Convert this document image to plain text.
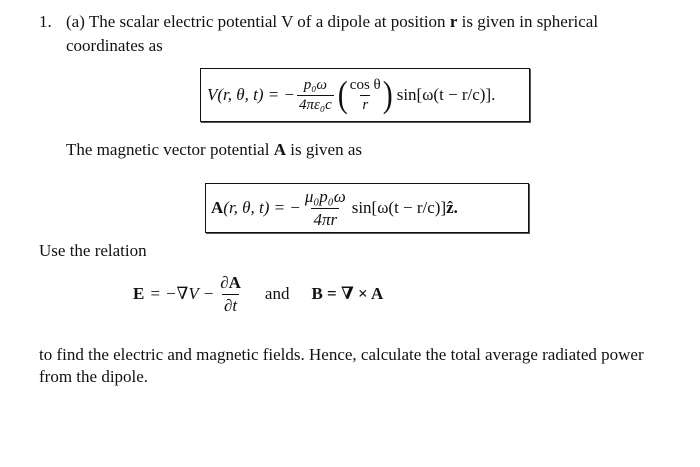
1. (a) The scalar electric potential V of a dipole at position r is given in spherical
coordinates as
V(r, θ, t) = − $\frac{\text{p₀ω}}{\text{4πε₀c}}$ ( $\frac{\text{cos θ}}{r}$ ) sin[ω(t − r/c)].
The magnetic vector potential A is given as
A (r, θ, t) = − $\frac{\text{μ₀p₀ω}}{4\pi r} \sin[\omega(t - r/c)]$ ẑ.
Use the relation
$E = -\nabla V - \frac{\partial A}{\partial t}$ and B = ∇ × A
to find the electric and magnetic fields. Hence, calculate the total average radiated power
from the dipole.
